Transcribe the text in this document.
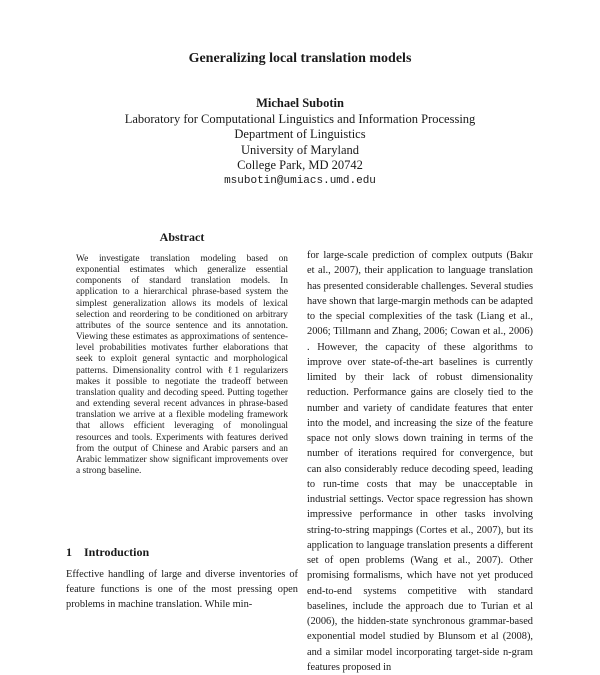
Generalizing local translation models
Michael Subotin
Laboratory for Computational Linguistics and Information Processing
Department of Linguistics
University of Maryland
College Park, MD 20742
msubotin@umiacs.umd.edu
Abstract
We investigate translation modeling based on exponential estimates which generalize essential components of standard translation models. In application to a hierarchical phrase-based system the simplest generalization allows its models of lexical selection and reordering to be conditioned on arbitrary attributes of the source sentence and its annotation. Viewing these estimates as approximations of sentence-level probabilities motivates further elaborations that seek to exploit general syntactic and morphological patterns. Dimensionality control with ℓ1 regularizers makes it possible to negotiate the tradeoff between translation quality and decoding speed. Putting together and extending several recent advances in phrase-based translation we arrive at a flexible modeling framework that allows efficient leveraging of monolingual resources and tools. Experiments with features derived from the output of Chinese and Arabic parsers and an Arabic lemmatizer show significant improvements over a strong baseline.
1 Introduction
Effective handling of large and diverse inventories of feature functions is one of the most pressing open problems in machine translation. While min-
for large-scale prediction of complex outputs (Bakır et al., 2007), their application to language translation has presented considerable challenges. Several studies have shown that large-margin methods can be adapted to the special complexities of the task (Liang et al., 2006; Tillmann and Zhang, 2006; Cowan et al., 2006) . However, the capacity of these algorithms to improve over state-of-the-art baselines is currently limited by their lack of robust dimensionality reduction. Performance gains are closely tied to the number and variety of candidate features that enter into the model, and increasing the size of the feature space not only slows down training in terms of the number of iterations required for convergence, but can also considerably reduce decoding speed, leading to run-time costs that may be unacceptable in industrial settings. Vector space regression has shown impressive performance in other tasks involving string-to-string mappings (Cortes et al., 2007), but its application to language translation presents a different set of open problems (Wang et al., 2007). Other promising formalisms, which have not yet produced end-to-end systems competitive with standard baselines, include the approach due to Turian et al (2006), the hidden-state synchronous grammar-based exponential model studied by Blunsom et al (2008), and a similar model incorporating target-side n-gram features proposed in
